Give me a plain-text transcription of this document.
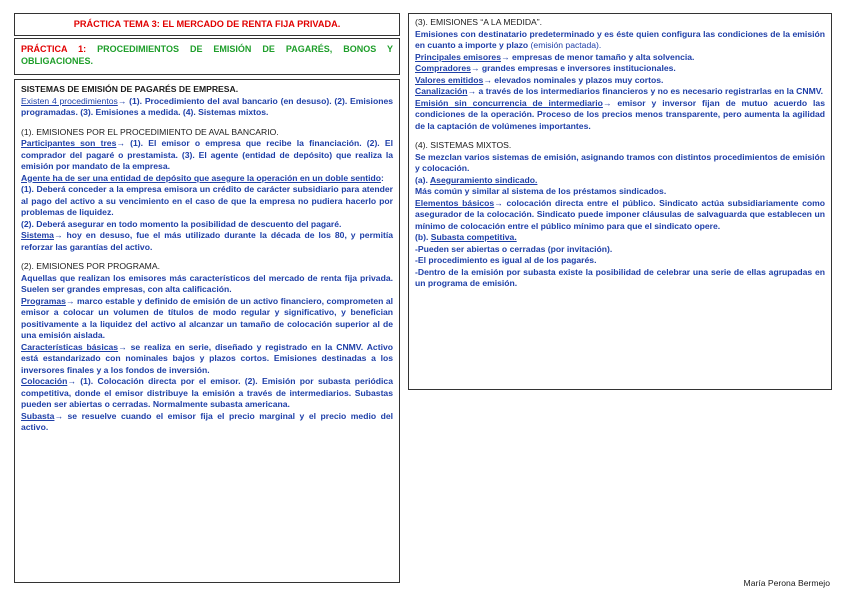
PRÁCTICA TEMA 3: EL MERCADO DE RENTA FIJA PRIVADA.
PRÁCTICA 1: PROCEDIMIENTOS DE EMISIÓN DE PAGARÉS, BONOS Y OBLIGACIONES.

SISTEMAS DE EMISIÓN DE PAGARÉS DE EMPRESA.

Existen 4 procedimientos→ (1). Procedimiento del aval bancario (en desuso). (2). Emisiones programadas. (3). Emisiones a medida. (4). Sistemas mixtos.

(1). EMISIONES POR EL PROCEDIMIENTO DE AVAL BANCARIO.

Participantes son tres→ (1). El emisor o empresa que recibe la financiación. (2). El comprador del pagaré o prestamista. (3). El agente (entidad de depósito) que realiza la emisión por mandato de la empresa.

Agente ha de ser una entidad de depósito que asegure la operación en un doble sentido:

(1). Deberá conceder a la empresa emisora un crédito de carácter subsidiario para atender al pago del activo a su vencimiento en el caso de que la empresa no pudiera hacerlo por problemas de liquidez.

(2). Deberá asegurar en todo momento la posibilidad de descuento del pagaré.

Sistema→ hoy en desuso, fue el más utilizado durante la década de los 80, y permitía reforzar las garantías del activo.

(2). EMISIONES POR PROGRAMA.

Aquellas que realizan los emisores más característicos del mercado de renta fija privada. Suelen ser grandes empresas, con alta calificación.

Programas→ marco estable y definido de emisión de un activo financiero, comprometen al emisor a colocar un volumen de títulos de modo regular y significativo, y benefician positivamente a la liquidez del activo al alcanzar un tamaño de colocación superior al de una emisión aislada.

Características básicas→ se realiza en serie, diseñado y registrado en la CNMV. Activo está estandarizado con nominales bajos y plazos cortos. Emisiones destinadas a los inversores finales y a los fondos de inversión.

Colocación→ (1). Colocación directa por el emisor. (2). Emisión por subasta periódica competitiva, donde el emisor distribuye la emisión a través de intermediarios. Subastas pueden ser abiertas o cerradas. Normalmente subasta americana.

Subasta→ se resuelve cuando el emisor fija el precio marginal y el precio medio del activo.

(3). EMISIONES “A LA MEDIDA”.

Emisiones con destinatario predeterminado y es éste quien configura las condiciones de la emisión en cuanto a importe y plazo (emisión pactada).

Principales emisores→ empresas de menor tamaño y alta solvencia.

Compradores→ grandes empresas e inversores institucionales.

Valores emitidos→ elevados nominales y plazos muy cortos.

Canalización→ a través de los intermediarios financieros y no es necesario registrarlas en la CNMV.

Emisión sin concurrencia de intermediario→ emisor y inversor fijan de mutuo acuerdo las condiciones de la operación. Proceso de los precios menos transparente, pero aumenta la agilidad de la captación de volúmenes importantes.

(4). SISTEMAS MIXTOS.

Se mezclan varios sistemas de emisión, asignando tramos con distintos procedimientos de emisión y colocación.

(a). Aseguramiento sindicado.

Más común y similar al sistema de los préstamos sindicados.

Elementos básicos→ colocación directa entre el público. Sindicato actúa subsidiariamente como asegurador de la colocación. Sindicato puede imponer cláusulas de salvaguarda que establecen un mínimo de colocación entre el público mínimo para que el sindicato opere.

(b). Subasta competitiva.

-Pueden ser abiertas o cerradas (por invitación).

-El procedimiento es igual al de los pagarés.

-Dentro de la emisión por subasta existe la posibilidad de celebrar una serie de ellas agrupadas en un programa de emisión.

María Perona Bermejo
